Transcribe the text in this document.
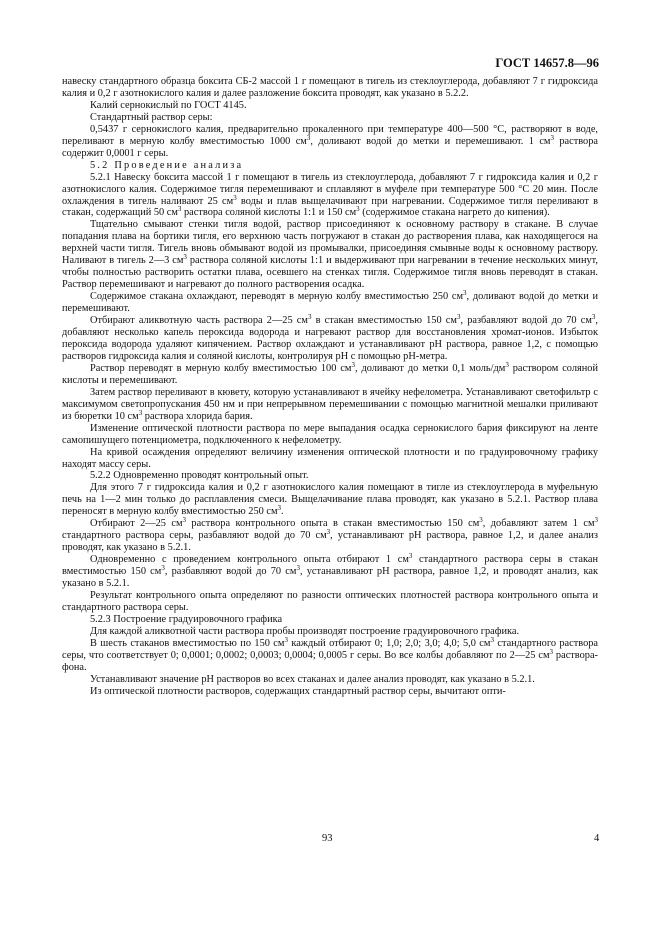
ГОСТ 14657.8—96

навеску стандартного образца боксита СБ-2 массой 1 г помещают в тигель из стеклоуглерода, добавляют 7 г гидроксида калия и 0,2 г азотнокислого калия и далее разложение боксита проводят, как указано в 5.2.2.

Калий сернокислый по ГОСТ 4145.

Стандартный раствор серы:

0,5437 г сернокислого калия, предварительно прокаленного при температуре 400—500 °С, растворяют в воде, переливают в мерную колбу вместимостью 1000 $см^3$, доливают водой до метки и перемешивают. 1 $см^3$ раствора содержит 0,0001 г серы.

5.2 Проведение анализа

5.2.1 Навеску боксита массой 1 г помещают в тигель из стеклоуглерода, добавляют 7 г гидроксида калия и 0,2 г азотнокислого калия. Содержимое тигля перемешивают и сплавляют в муфеле при температуре 500 °С 20 мин. После охлаждения в тигель наливают 25 $см^3$ воды и плав выщелачивают при нагревании. Содержимое тигля переливают в стакан, содержащий 50 $см^3$ раствора соляной кислоты 1:1 и 150 $см^3$ (содержимое стакана нагрето до кипения).

Тщательно смывают стенки тигля водой, раствор присоединяют к основному раствору в стакане. В случае попадания плава на бортики тигля, его верхнюю часть погружают в стакан до растворения плава, как находящегося на верхней части тигля. Тигель вновь обмывают водой из промывалки, присоединяя смывные воды к основному раствору. Наливают в тигель 2—3 $см^3$ раствора соляной кислоты 1:1 и выдерживают при нагревании в течение нескольких минут, чтобы полностью растворить остатки плава, осевшего на стенках тигля. Содержимое тигля вновь переводят в стакан. Раствор перемешивают и нагревают до полного растворения осадка.

Содержимое стакана охлаждают, переводят в мерную колбу вместимостью 250 $см^3$, доливают водой до метки и перемешивают.

Отбирают аликвотную часть раствора 2—25 $см^3$ в стакан вместимостью 150 $см^3$, разбавляют водой до 70 $см^3$, добавляют несколько капель пероксида водорода и нагревают раствор для восстановления хромат-ионов. Избыток пероксида водорода удаляют кипячением. Раствор охлаждают и устанавливают pH раствора, равное 1,2, с помощью растворов гидроксида калия и соляной кислоты, контролируя pH с помощью pH-метра.

Раствор переводят в мерную колбу вместимостью 100 $см^3$, доливают до метки 0,1 моль/$дм^3$ раствором соляной кислоты и перемешивают.

Затем раствор переливают в кювету, которую устанавливают в ячейку нефелометра. Устанавливают светофильтр с максимумом светопропускания 450 нм и при непрерывном перемешивании с помощью магнитной мешалки приливают из бюретки 10 $см^3$ раствора хлорида бария.

Изменение оптической плотности раствора по мере выпадания осадка сернокислого бария фиксируют на ленте самопишущего потенциометра, подключенного к нефелометру.

На кривой осаждения определяют величину изменения оптической плотности и по градуировочному графику находят массу серы.

5.2.2 Одновременно проводят контрольный опыт.

Для этого 7 г гидроксида калия и 0,2 г азотнокислого калия помещают в тигле из стеклоуглерода в муфельную печь на 1—2 мин только до расплавления смеси. Выщелачивание плава проводят, как указано в 5.2.1. Раствор плава переносят в мерную колбу вместимостью 250 $см^3$.

Отбирают 2—25 $см^3$ раствора контрольного опыта в стакан вместимостью 150 $см^3$, добавляют затем 1 $см^3$ стандартного раствора серы, разбавляют водой до 70 $см^3$, устанавливают pH раствора, равное 1,2, и далее анализ проводят, как указано в 5.2.1.

Одновременно с проведением контрольного опыта отбирают 1 $см^3$ стандартного раствора серы в стакан вместимостью 150 $см^3$, разбавляют водой до 70 $см^3$, устанавливают pH раствора, равное 1,2, и проводят анализ, как указано в 5.2.1.

Результат контрольного опыта определяют по разности оптических плотностей раствора контрольного опыта и стандартного раствора серы.

5.2.3 Построение градуировочного графика

Для каждой аликвотной части раствора пробы производят построение градуировочного графика.

В шесть стаканов вместимостью по 150 $см^3$ каждый отбирают 0; 1,0; 2,0; 3,0; 4,0; 5,0 $см^3$ стандартного раствора серы, что соответствует 0; 0,0001; 0,0002; 0,0003; 0,0004; 0,0005 г серы. Во все колбы добавляют по 2—25 $см^3$ раствора-фона.

Устанавливают значение pH растворов во всех стаканах и далее анализ проводят, как указано в 5.2.1.

Из оптической плотности растворов, содержащих стандартный раствор серы, вычитают опти-

93	4
